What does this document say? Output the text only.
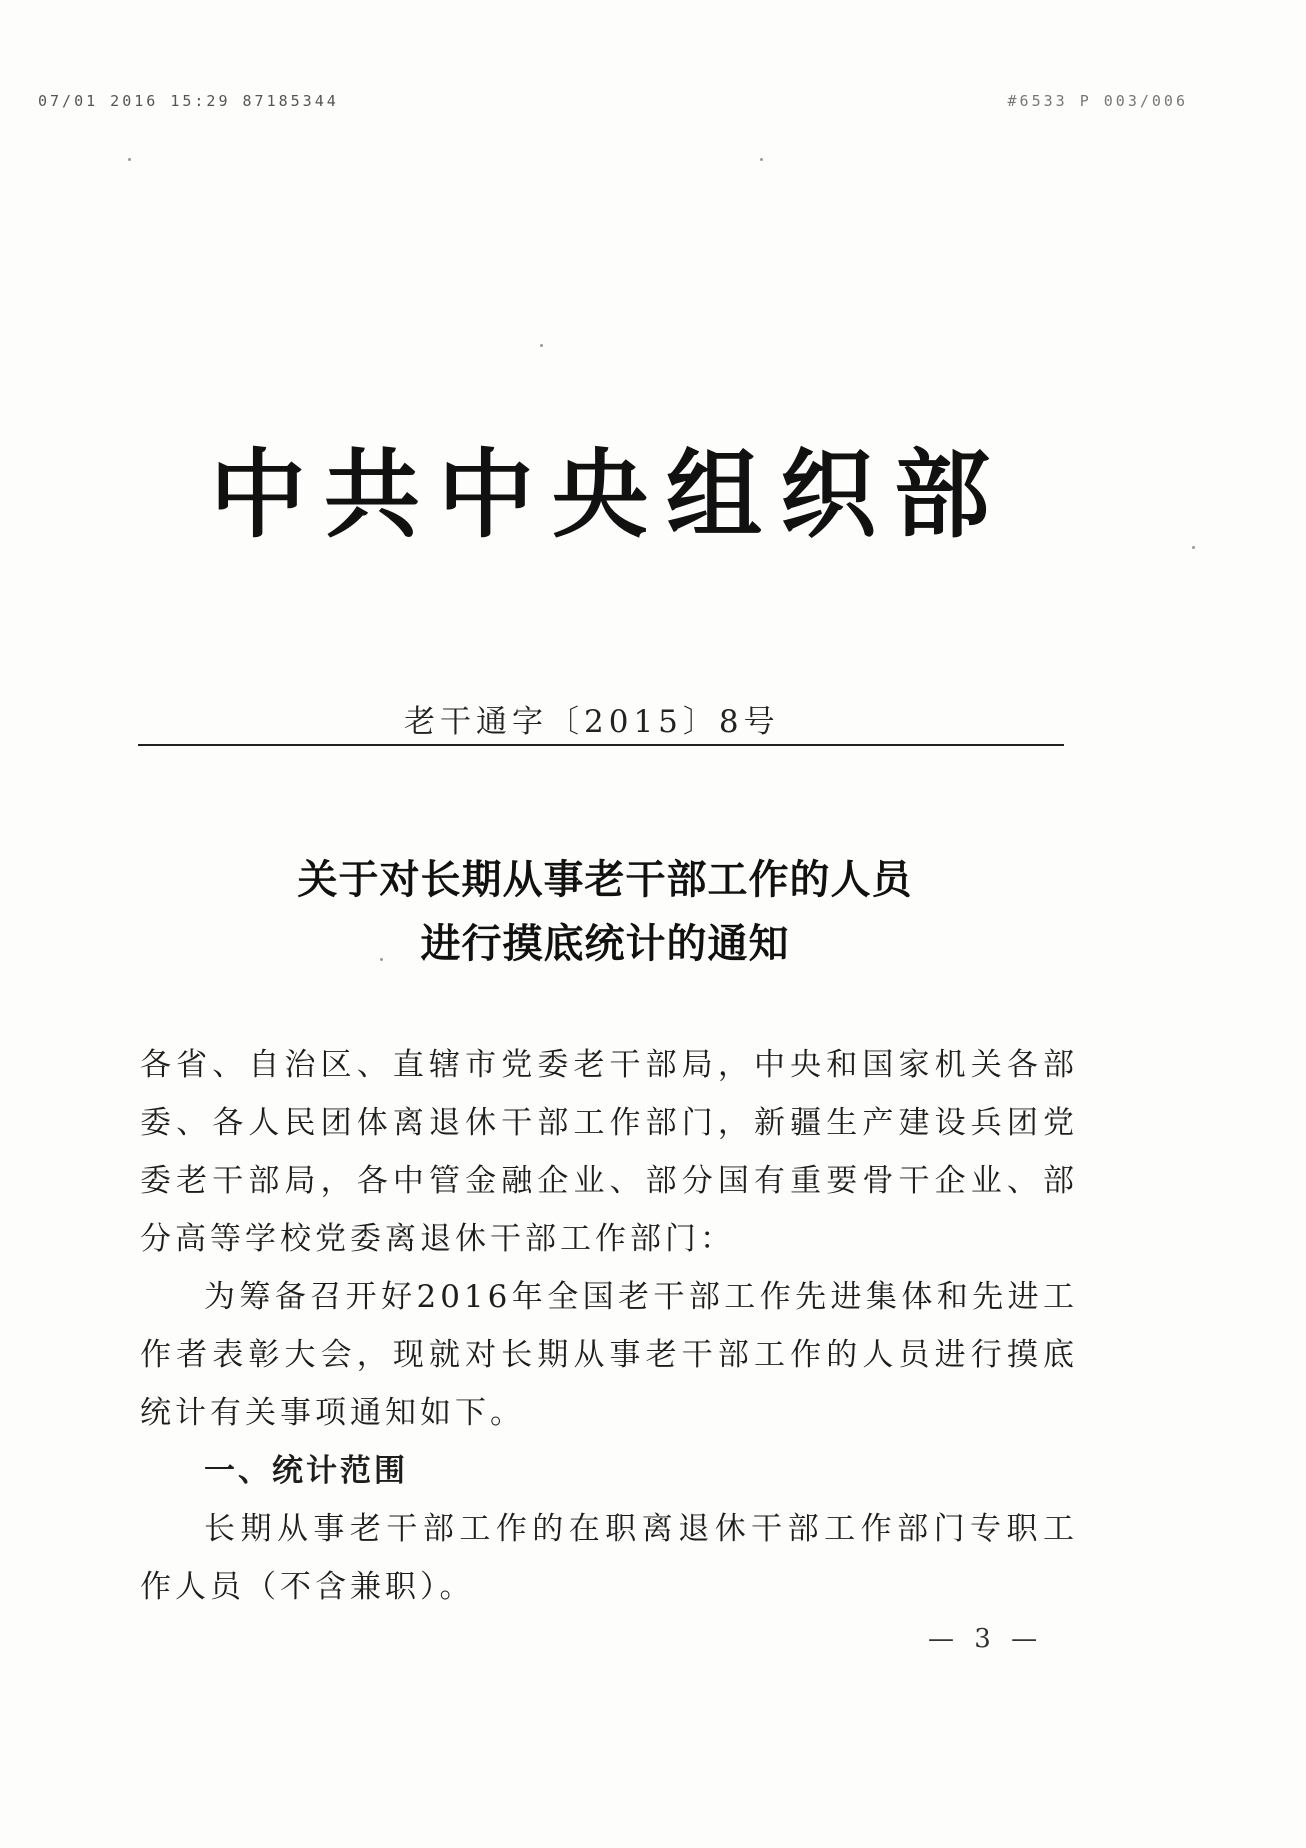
07/01 2016 15:29 87185344	#6533 P 003/006
中共中央组织部
老干通字〔2015〕8号
关于对长期从事老干部工作的人员
进行摸底统计的通知

各省、自治区、直辖市党委老干部局，中央和国家机关各部委、各人民团体离退休干部工作部门，新疆生产建设兵团党委老干部局，各中管金融企业、部分国有重要骨干企业、部分高等学校党委离退休干部工作部门：

为筹备召开好2016年全国老干部工作先进集体和先进工作者表彰大会，现就对长期从事老干部工作的人员进行摸底统计有关事项通知如下。

一、统计范围

长期从事老干部工作的在职离退休干部工作部门专职工作人员（不含兼职）。

— 3 —
